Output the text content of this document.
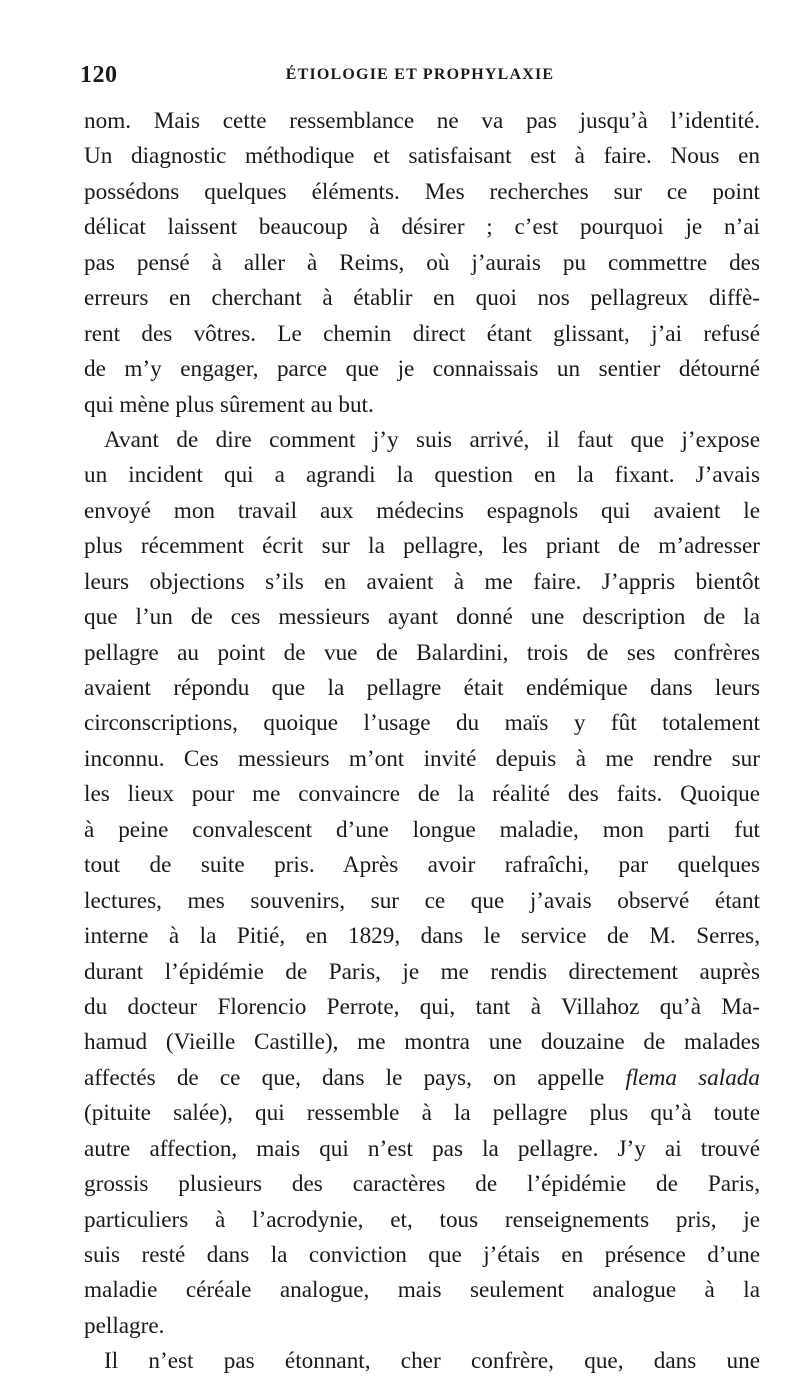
120	ÉTIOLOGIE ET PROPHYLAXIE
nom. Mais cette ressemblance ne va pas jusqu’à l’identité.
Un diagnostic méthodique et satisfaisant est à faire. Nous en
possédons quelques éléments. Mes recherches sur ce point
délicat laissent beaucoup à désirer ; c’est pourquoi je n’ai
pas pensé à aller à Reims, où j’aurais pu commettre des
erreurs en cherchant à établir en quoi nos pellagreux diffè-
rent des vôtres. Le chemin direct étant glissant, j’ai refusé
de m’y engager, parce que je connaissais un sentier détourné
qui mène plus sûrement au but.
Avant de dire comment j’y suis arrivé, il faut que j’expose
un incident qui a agrandi la question en la fixant. J’avais
envoyé mon travail aux médecins espagnols qui avaient le
plus récemment écrit sur la pellagre, les priant de m’adresser
leurs objections s’ils en avaient à me faire. J’appris bientôt
que l’un de ces messieurs ayant donné une description de la
pellagre au point de vue de Balardini, trois de ses confrères
avaient répondu que la pellagre était endémique dans leurs
circonscriptions, quoique l’usage du maïs y fût totalement
inconnu. Ces messieurs m’ont invité depuis à me rendre sur
les lieux pour me convaincre de la réalité des faits. Quoique
à peine convalescent d’une longue maladie, mon parti fut
tout de suite pris. Après avoir rafraîchi, par quelques
lectures, mes souvenirs, sur ce que j’avais observé étant
interne à la Pitié, en 1829, dans le service de M. Serres,
durant l’épidémie de Paris, je me rendis directement auprès
du docteur Florencio Perrote, qui, tant à Villahoz qu’à Ma-
hamud (Vieille Castille), me montra une douzaine de malades
affectés de ce que, dans le pays, on appelle flema salada
(pituite salée), qui ressemble à la pellagre plus qu’à toute
autre affection, mais qui n’est pas la pellagre. J’y ai trouvé
grossis plusieurs des caractères de l’épidémie de Paris,
particuliers à l’acrodynie, et, tous renseignements pris, je
suis resté dans la conviction que j’étais en présence d’une
maladie céréale analogue, mais seulement analogue à la
pellagre.
Il n’est pas étonnant, cher confrère, que, dans une
